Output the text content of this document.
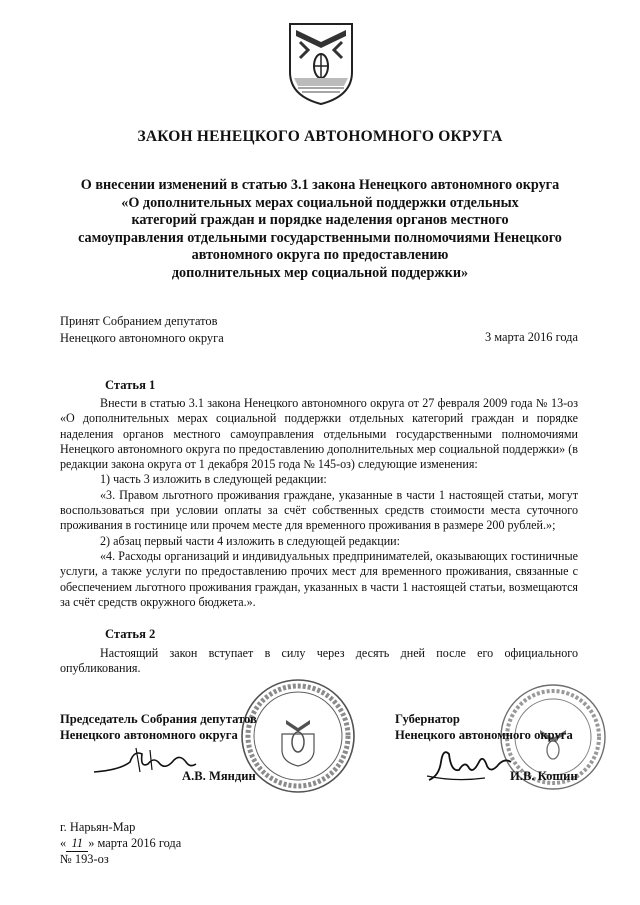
ЗАКОН НЕНЕЦКОГО АВТОНОМНОГО ОКРУГА
О внесении изменений в статью 3.1 закона Ненецкого автономного округа
«О дополнительных мерах социальной поддержки отдельных
категорий граждан и порядке наделения органов местного
самоуправления отдельными государственными полномочиями Ненецкого
автономного округа по предоставлению
дополнительных мер социальной поддержки»
Принят Собранием депутатов
Ненецкого автономного округа	3 марта 2016 года
Статья 1

Внести в статью 3.1 закона Ненецкого автономного округа от 27 февраля 2009 года № 13-оз «О дополнительных мерах социальной поддержки отдельных категорий граждан и порядке наделения органов местного самоуправления отдельными государственными полномочиями Ненецкого автономного округа по предоставлению дополнительных мер социальной поддержки» (в редакции закона округа от 1 декабря 2015 года № 145-оз) следующие изменения:

1) часть 3 изложить в следующей редакции:

«3. Правом льготного проживания граждане, указанные в части 1 настоящей статьи, могут воспользоваться при условии оплаты за счёт собственных средств стоимости места суточного проживания в гостинице или прочем месте для временного проживания в размере 200 рублей.»;

2) абзац первый части 4 изложить в следующей редакции:

«4. Расходы организаций и индивидуальных предпринимателей, оказывающих гостиничные услуги, а также услуги по предоставлению прочих мест для временного проживания, связанные с обеспечением льготного проживания граждан, указанных в части 1 настоящей статьи, возмещаются за счёт средств окружного бюджета.».

Статья 2

Настоящий закон вступает в силу через десять дней после его официального опубликования.

Председатель Собрания депутатов
Ненецкого автономного округа
А.В. Мяндин
Губернатор
Ненецкого автономного округа
И.В. Кошин
г. Нарьян-Мар
« 11 » марта 2016 года
№ 193-оз
